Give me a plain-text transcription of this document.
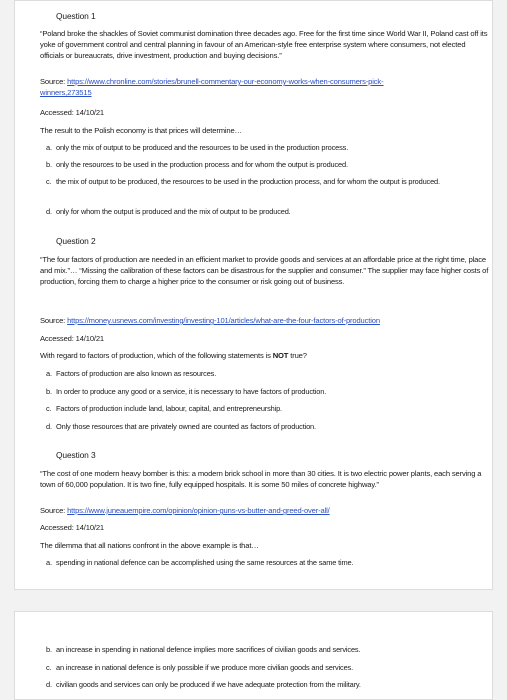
Question 1
“Poland broke the shackles of Soviet communist domination three decades ago. Free for the first time since World War II, Poland cast off its yoke of government control and central planning in favour of an American-style free enterprise system where consumers, not elected officials or bureaucrats, drive investment, production and buying decisions.”
Source: https://www.chronline.com/stories/brunell-commentary-our-economy-works-when-consumers-pick-
winners,273515
Accessed: 14/10/21
The result to the Polish economy is that prices will determine…
a. only the mix of output to be produced and the resources to be used in the production process.
b. only the resources to be used in the production process and for whom the output is produced.
c. the mix of output to be produced, the resources to be used in the production process, and for whom the output is produced.
d. only for whom the output is produced and the mix of output to be produced.
Question 2
“The four factors of production are needed in an efficient market to provide goods and services at an affordable price at the right time, place and mix.”… “Missing the calibration of these factors can be disastrous for the supplier and consumer.” The supplier may face higher costs of production, forcing them to charge a higher price to the consumer or risk going out of business.
Source: https://money.usnews.com/investing/investing-101/articles/what-are-the-four-factors-of-production
Accessed: 14/10/21
With regard to factors of production, which of the following statements is NOT true?
a. Factors of production are also known as resources.
b. In order to produce any good or a service, it is necessary to have factors of production.
c. Factors of production include land, labour, capital, and entrepreneurship.
d. Only those resources that are privately owned are counted as factors of production.
Question 3
“The cost of one modern heavy bomber is this: a modern brick school in more than 30 cities. It is two electric power plants, each serving a town of 60,000 population. It is two fine, fully equipped hospitals. It is some 50 miles of concrete highway.”
Source: https://www.juneauempire.com/opinion/opinion-guns-vs-butter-and-greed-over-all/
Accessed: 14/10/21
The dilemma that all nations confront in the above example is that…
a. spending in national defence can be accomplished using the same resources at the same time.
b. an increase in spending in national defence implies more sacrifices of civilian goods and services.
c. an increase in national defence is only possible if we produce more civilian goods and services.
d. civilian goods and services can only be produced if we have adequate protection from the military.
